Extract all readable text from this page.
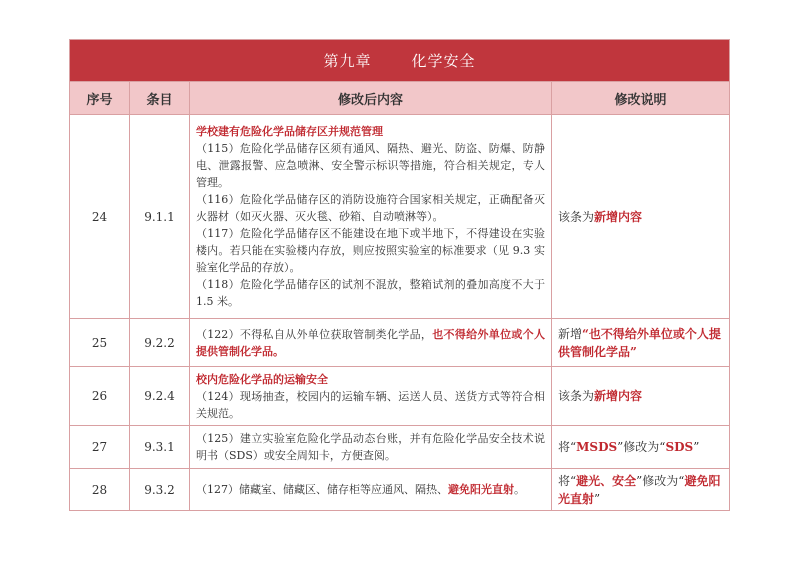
第九章 化学安全			
序号	条目	修改后内容	修改说明
24	9.1.1	学校建有危险化学品储存区并规范管理
（115）危险化学品储存区须有通风、隔热、避光、防盗、防爆、防静电、泄露报警、应急喷淋、安全警示标识等措施，符合相关规定，专人管理。
（116）危险化学品储存区的消防设施符合国家相关规定，正确配备灭火器材（如灭火器、灭火毯、砂箱、自动喷淋等）。
（117）危险化学品储存区不能建设在地下或半地下，不得建设在实验楼内。若只能在实验楼内存放，则应按照实验室的标准要求（见 9.3 实验室化学品的存放）。
（118）危险化学品储存区的试剂不混放，整箱试剂的叠加高度不大于 1.5 米。	该条为新增内容
25	9.2.2	（122）不得私自从外单位获取管制类化学品，也不得给外单位或个人提供管制化学品。	新增“也不得给外单位或个人提供管制化学品”
26	9.2.4	校内危险化学品的运输安全
（124）现场抽查，校园内的运输车辆、运送人员、送货方式等符合相关规范。	该条为新增内容
27	9.3.1	（125）建立实验室危险化学品动态台账，并有危险化学品安全技术说明书（SDS）或安全周知卡，方便查阅。	将“MSDS”修改为“SDS”
28	9.3.2	（127）储藏室、储藏区、储存柜等应通风、隔热、避免阳光直射。	将“避光、安全”修改为“避免阳光直射”
